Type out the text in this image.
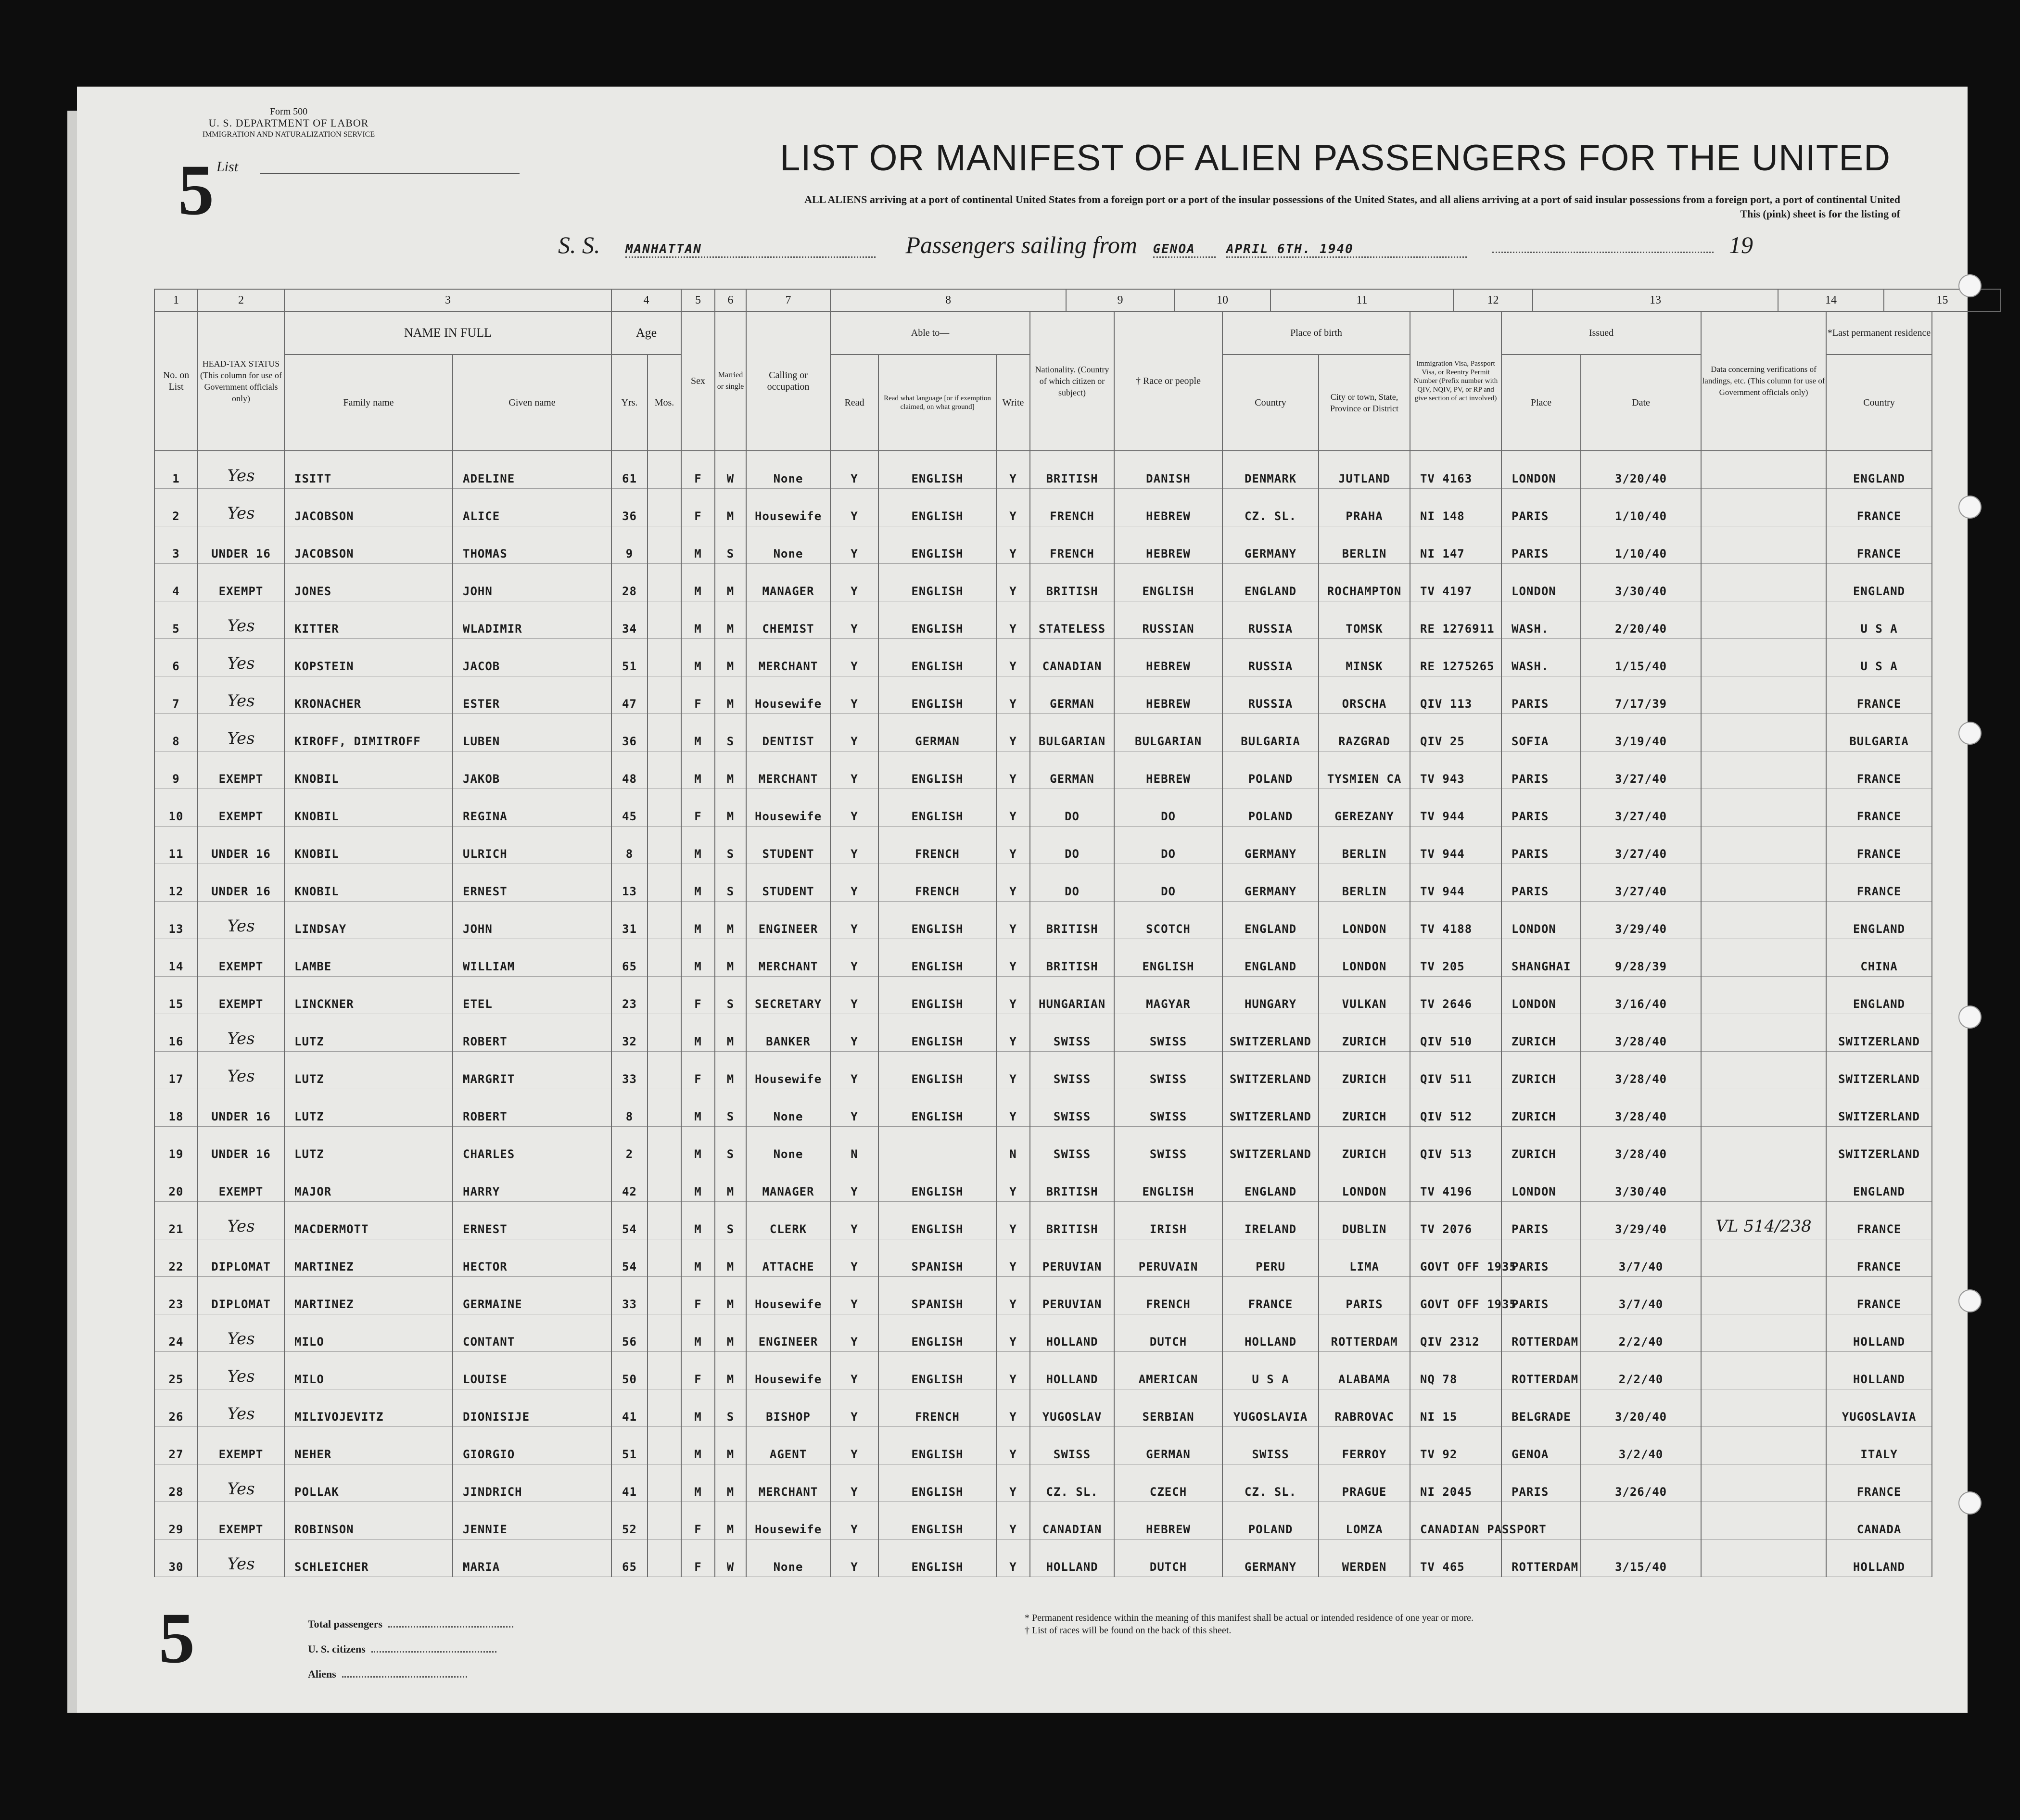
Form 500
U. S. DEPARTMENT OF LABOR
IMMIGRATION AND NATURALIZATION SERVICE
5 List	LIST OR MANIFEST OF ALIEN PASSENGERS FOR THE UNITED
ALL ALIENS arriving at a port of continental United States from a foreign port or a port of the insular possessions of the United States, and all aliens arriving at a port of said insular possessions from a foreign port, a port of continental United
This (pink) sheet is for the listing of
S. S. MANHATTAN	Passengers sailing from GENOA APRIL 6TH. 1940	19
1	2	3	4	5	6	7	8	9	10	11	12	13	14	15
No. on List	HEAD-TAX STATUS (This column for use of Government officials only)	NAME IN FULL		Age		Sex	Married or single	Calling or occupation	Able to—			Nationality. (Country of which citizen or subject)	† Race or people	Place of birth		Immigration Visa, Passport Visa, or Reentry Permit Number (Prefix number with QIV, NQIV, PV, or RP and give section of act involved)	Issued		Data concerning verifications of landings, etc. (This column for use of Government officials only)	*Last permanent residence	
		Family name	Given name	Yrs.	Mos.				Read	Read what language [or if exemption claimed, on what ground]	Write			Country	City or town, State, Province or District		Place	Date		Country		
1	Yes	ISITT	ADELINE	61		F	W	None	Y	ENGLISH	Y	BRITISH	DANISH	DENMARK	JUTLAND	TV 4163	LONDON	3/20/40		ENGLAND	
2	Yes	JACOBSON	ALICE	36		F	M	Housewife	Y	ENGLISH	Y	FRENCH	HEBREW	CZ. SL.	PRAHA	NI 148	PARIS	1/10/40		FRANCE	
3	UNDER 16	JACOBSON	THOMAS	9		M	S	None	Y	ENGLISH	Y	FRENCH	HEBREW	GERMANY	BERLIN	NI 147	PARIS	1/10/40		FRANCE	
4	EXEMPT	JONES	JOHN	28		M	M	MANAGER	Y	ENGLISH	Y	BRITISH	ENGLISH	ENGLAND	ROCHAMPTON	TV 4197	LONDON	3/30/40		ENGLAND	
5	Yes	KITTER	WLADIMIR	34		M	M	CHEMIST	Y	ENGLISH	Y	STATELESS	RUSSIAN	RUSSIA	TOMSK	RE 1276911	WASH.	2/20/40		U S A	
6	Yes	KOPSTEIN	JACOB	51		M	M	MERCHANT	Y	ENGLISH	Y	CANADIAN	HEBREW	RUSSIA	MINSK	RE 1275265	WASH.	1/15/40		U S A	
7	Yes	KRONACHER	ESTER	47		F	M	Housewife	Y	ENGLISH	Y	GERMAN	HEBREW	RUSSIA	ORSCHA	QIV 113	PARIS	7/17/39		FRANCE	
8	Yes	KIROFF, DIMITROFF	LUBEN	36		M	S	DENTIST	Y	GERMAN	Y	BULGARIAN	BULGARIAN	BULGARIA	RAZGRAD	QIV 25	SOFIA	3/19/40		BULGARIA	
9	EXEMPT	KNOBIL	JAKOB	48		M	M	MERCHANT	Y	ENGLISH	Y	GERMAN	HEBREW	POLAND	TYSMIEN CA	TV 943	PARIS	3/27/40		FRANCE	
10	EXEMPT	KNOBIL	REGINA	45		F	M	Housewife	Y	ENGLISH	Y	DO	DO	POLAND	GEREZANY	TV 944	PARIS	3/27/40		FRANCE	
11	UNDER 16	KNOBIL	ULRICH	8		M	S	STUDENT	Y	FRENCH	Y	DO	DO	GERMANY	BERLIN	TV 944	PARIS	3/27/40		FRANCE	
12	UNDER 16	KNOBIL	ERNEST	13		M	S	STUDENT	Y	FRENCH	Y	DO	DO	GERMANY	BERLIN	TV 944	PARIS	3/27/40		FRANCE	
13	Yes	LINDSAY	JOHN	31		M	M	ENGINEER	Y	ENGLISH	Y	BRITISH	SCOTCH	ENGLAND	LONDON	TV 4188	LONDON	3/29/40		ENGLAND	
14	EXEMPT	LAMBE	WILLIAM	65		M	M	MERCHANT	Y	ENGLISH	Y	BRITISH	ENGLISH	ENGLAND	LONDON	TV 205	SHANGHAI	9/28/39		CHINA	
15	EXEMPT	LINCKNER	ETEL	23		F	S	SECRETARY	Y	ENGLISH	Y	HUNGARIAN	MAGYAR	HUNGARY	VULKAN	TV 2646	LONDON	3/16/40		ENGLAND	
16	Yes	LUTZ	ROBERT	32		M	M	BANKER	Y	ENGLISH	Y	SWISS	SWISS	SWITZERLAND	ZURICH	QIV 510	ZURICH	3/28/40		SWITZERLAND	
17	Yes	LUTZ	MARGRIT	33		F	M	Housewife	Y	ENGLISH	Y	SWISS	SWISS	SWITZERLAND	ZURICH	QIV 511	ZURICH	3/28/40		SWITZERLAND	
18	UNDER 16	LUTZ	ROBERT	8		M	S	None	Y	ENGLISH	Y	SWISS	SWISS	SWITZERLAND	ZURICH	QIV 512	ZURICH	3/28/40		SWITZERLAND	
19	UNDER 16	LUTZ	CHARLES	2		M	S	None	N		N	SWISS	SWISS	SWITZERLAND	ZURICH	QIV 513	ZURICH	3/28/40		SWITZERLAND	
20	EXEMPT	MAJOR	HARRY	42		M	M	MANAGER	Y	ENGLISH	Y	BRITISH	ENGLISH	ENGLAND	LONDON	TV 4196	LONDON	3/30/40		ENGLAND	
21	Yes	MACDERMOTT	ERNEST	54		M	S	CLERK	Y	ENGLISH	Y	BRITISH	IRISH	IRELAND	DUBLIN	TV 2076	PARIS	3/29/40	VL 514/238	FRANCE	
22	DIPLOMAT	MARTINEZ	HECTOR	54		M	M	ATTACHE	Y	SPANISH	Y	PERUVIAN	PERUVAIN	PERU	LIMA	GOVT OFF 1935	PARIS	3/7/40		FRANCE	
23	DIPLOMAT	MARTINEZ	GERMAINE	33		F	M	Housewife	Y	SPANISH	Y	PERUVIAN	FRENCH	FRANCE	PARIS	GOVT OFF 1935	PARIS	3/7/40		FRANCE	
24	Yes	MILO	CONTANT	56		M	M	ENGINEER	Y	ENGLISH	Y	HOLLAND	DUTCH	HOLLAND	ROTTERDAM	QIV 2312	ROTTERDAM	2/2/40		HOLLAND	
25	Yes	MILO	LOUISE	50		F	M	Housewife	Y	ENGLISH	Y	HOLLAND	AMERICAN	U S A	ALABAMA	NQ 78	ROTTERDAM	2/2/40		HOLLAND	
26	Yes	MILIVOJEVITZ	DIONISIJE	41		M	S	BISHOP	Y	FRENCH	Y	YUGOSLAV	SERBIAN	YUGOSLAVIA	RABROVAC	NI 15	BELGRADE	3/20/40		YUGOSLAVIA	
27	EXEMPT	NEHER	GIORGIO	51		M	M	AGENT	Y	ENGLISH	Y	SWISS	GERMAN	SWISS	FERROY	TV 92	GENOA	3/2/40		ITALY	
28	Yes	POLLAK	JINDRICH	41		M	M	MERCHANT	Y	ENGLISH	Y	CZ. SL.	CZECH	CZ. SL.	PRAGUE	NI 2045	PARIS	3/26/40		FRANCE	
29	EXEMPT	ROBINSON	JENNIE	52		F	M	Housewife	Y	ENGLISH	Y	CANADIAN	HEBREW	POLAND	LOMZA	CANADIAN PASSPORT				CANADA	
30	Yes	SCHLEICHER	MARIA	65		F	W	None	Y	ENGLISH	Y	HOLLAND	DUTCH	GERMANY	WERDEN	TV 465	ROTTERDAM	3/15/40		HOLLAND	
5	Total passengers
U. S. citizens
Aliens
* Permanent residence within the meaning of this manifest shall be actual or intended residence of one year or more.
† List of races will be found on the back of this sheet.
